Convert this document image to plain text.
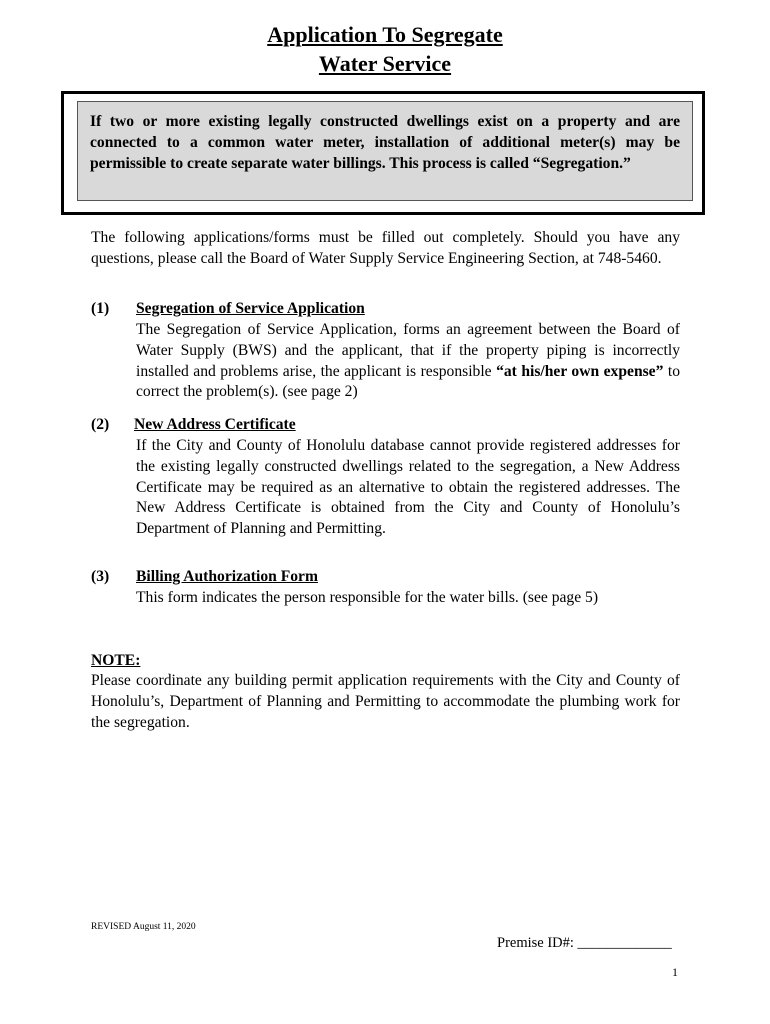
Application To Segregate
Water Service
If two or more existing legally constructed dwellings exist on a property and are connected to a common water meter, installation of additional meter(s) may be permissible to create separate water billings. This process is called “Segregation.”
The following applications/forms must be filled out completely. Should you have any questions, please call the Board of Water Supply Service Engineering Section, at 748-5460.
(1) Segregation of Service Application
The Segregation of Service Application, forms an agreement between the Board of Water Supply (BWS) and the applicant, that if the property piping is incorrectly installed and problems arise, the applicant is responsible “at his/her own expense” to correct the problem(s). (see page 2)
(2) New Address Certificate
If the City and County of Honolulu database cannot provide registered addresses for the existing legally constructed dwellings related to the segregation, a New Address Certificate may be required as an alternative to obtain the registered addresses. The New Address Certificate is obtained from the City and County of Honolulu’s Department of Planning and Permitting.
(3) Billing Authorization Form
This form indicates the person responsible for the water bills. (see page 5)
NOTE:
Please coordinate any building permit application requirements with the City and County of Honolulu’s, Department of Planning and Permitting to accommodate the plumbing work for the segregation.
REVISED August 11, 2020
Premise ID#: _____________
1
